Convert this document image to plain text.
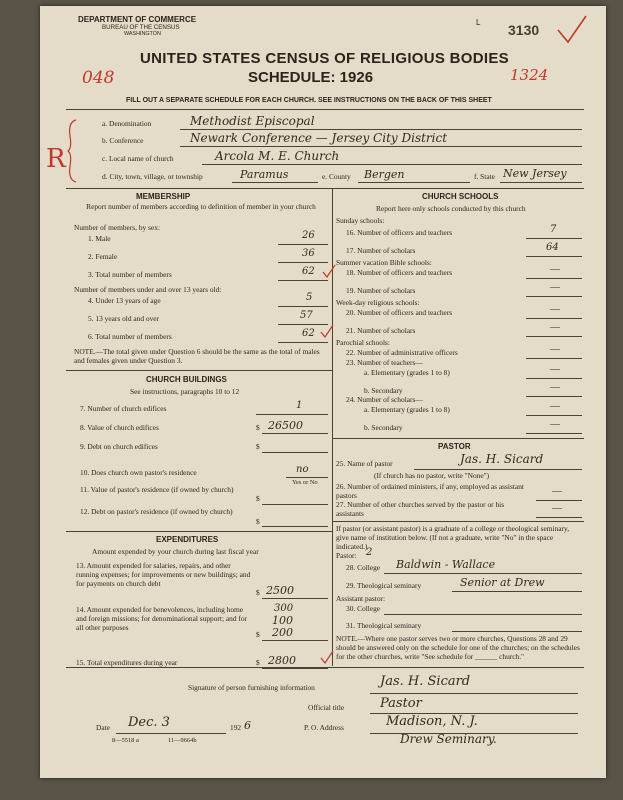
DEPARTMENT OF COMMERCE
BUREAU OF THE CENSUS
WASHINGTON
L 3130
UNITED STATES CENSUS OF RELIGIOUS BODIES
SCHEDULE: 1926
048	1324
FILL OUT A SEPARATE SCHEDULE FOR EACH CHURCH. SEE INSTRUCTIONS ON THE BACK OF THIS SHEET
R
a. Denomination	Methodist Episcopal
b. Conference	Newark Conference — Jersey City District
c. Local name of church	Arcola M. E. Church
d. City, town, village, or township	Paramus	e. County Bergen	f. State New Jersey
MEMBERSHIP
Report number of members according to definition of member in your church
Number of members, by sex:
1. Male	26
2. Female	36
3. Total number of members	62
Number of members under and over 13 years old:
4. Under 13 years of age	5
5. 13 years old and over	57
6. Total number of members	62
NOTE.—The total given under Question 6 should be the same as the total of males and females given under Question 3.
CHURCH BUILDINGS
See instructions, paragraphs 10 to 12
7. Number of church edifices	1
8. Value of church edifices	$ 26500
9. Debt on church edifices	$
10. Does church own pastor's residence	no
Yes or No
11. Value of pastor's residence (if owned by church)
$
12. Debt on pastor's residence (if owned by church)
$
EXPENDITURES
Amount expended by your church during last fiscal year
13. Amount expended for salaries, repairs, and other running expenses; for improvements or new buildings; and for payments on church debt
$ 2500
14. Amount expended for benevolences, including home and foreign missions; for denominational support; and for all other purposes
300
100
$ 200
15. Total expenditures during year	$ 2800
CHURCH SCHOOLS
Report here only schools conducted by this church
Sunday schools:
16. Number of officers and teachers	7
17. Number of scholars	64
Summer vacation Bible schools:
18. Number of officers and teachers	—
19. Number of scholars	—
Week-day religious schools:
20. Number of officers and teachers	—
21. Number of scholars	—
Parochial schools:
22. Number of administrative officers	—
23. Number of teachers—
a. Elementary (grades 1 to 8)	—
b. Secondary	—
24. Number of scholars—
a. Elementary (grades 1 to 8)	—
b. Secondary	—
PASTOR
25. Name of pastor	Jas. H. Sicard
(If church has no pastor, write "None")
26. Number of ordained ministers, if any, employed as assistant pastors	—
27. Number of other churches served by the pastor or his assistants	—
If pastor (or assistant pastor) is a graduate of a college or theological seminary, give name of institution below. (If not a graduate, write "No" in the space indicated.)
Pastor: 2
28. College Baldwin - Wallace
29. Theological seminary	Senior at Drew
Assistant pastor:
30. College
31. Theological seminary
NOTE.—Where one pastor serves two or more churches, Questions 28 and 29 should be answered only on the schedule for one of the churches; on the schedules for the other churches, write "See schedule for ______ church."
Signature of person furnishing information	Jas. H. Sicard
Official title	Pastor
Date Dec. 3	192 6	P. O. Address	Madison, N. J.
Drew Seminary.
8—5518 a	11—9664b
